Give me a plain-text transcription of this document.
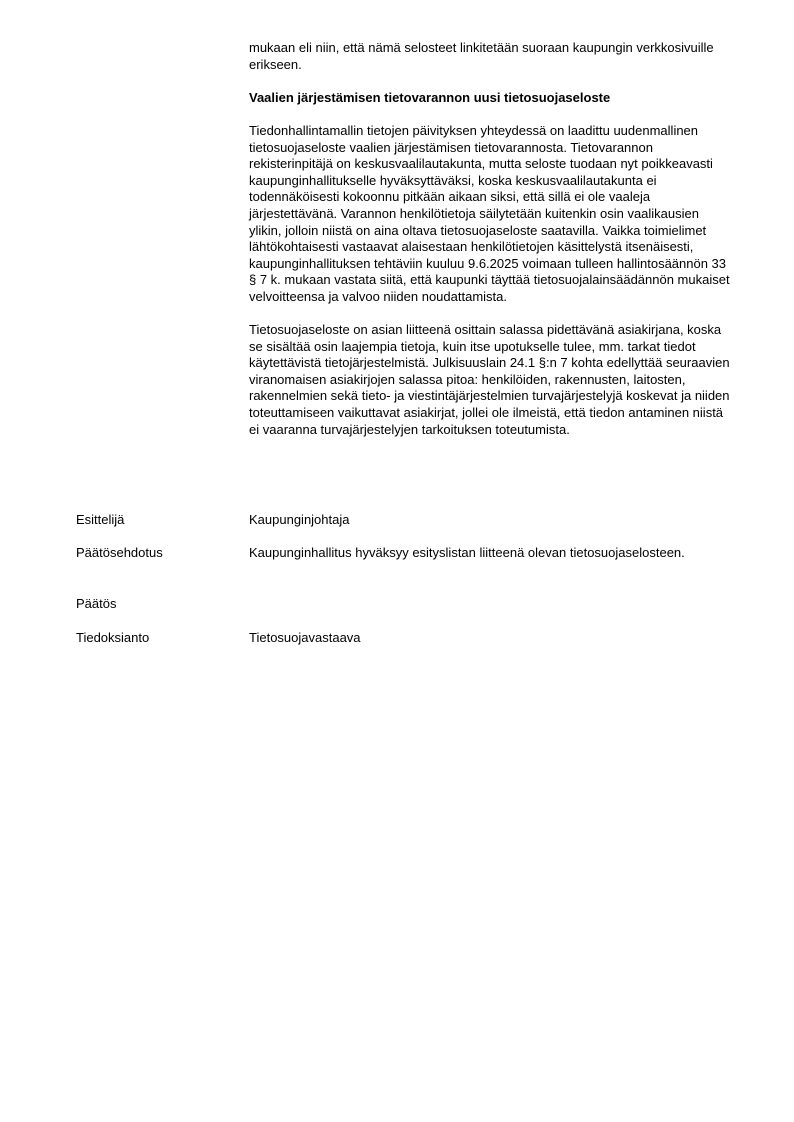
mukaan eli niin, että nämä selosteet linkitetään suoraan kaupungin verkkosivuille erikseen.

Vaalien järjestämisen tietovarannon uusi tietosuojaseloste

Tiedonhallintamallin tietojen päivityksen yhteydessä on laadittu uudenmallinen tietosuojaseloste vaalien järjestämisen tietovarannosta. Tietovarannon rekisterinpitäjä on keskusvaalilautakunta, mutta seloste tuodaan nyt poikkeavasti kaupunginhallitukselle hyväksyttäväksi, koska keskusvaalilautakunta ei todennäköisesti kokoonnu pitkään aikaan siksi, että sillä ei ole vaaleja järjestettävänä. Varannon henkilötietoja säilytetään kuitenkin osin vaalikausien ylikin, jolloin niistä on aina oltava tietosuojaseloste saatavilla. Vaikka toimielimet lähtökohtaisesti vastaavat alaisestaan henkilötietojen käsittelystä itsenäisesti, kaupunginhallituksen tehtäviin kuuluu 9.6.2025 voimaan tulleen hallintosäännön 33 § 7 k. mukaan vastata siitä, että kaupunki täyttää tietosuojalainsäädännön mukaiset velvoitteensa ja valvoo niiden noudattamista.

Tietosuojaseloste on asian liitteenä osittain salassa pidettävänä asiakirjana, koska se sisältää osin laajempia tietoja, kuin itse upotukselle tulee, mm. tarkat tiedot käytettävistä tietojärjestelmistä. Julkisuuslain 24.1 §:n 7 kohta edellyttää seuraavien viranomaisen asiakirjojen salassa pitoa: henkilöiden, rakennusten, laitosten, rakennelmien sekä tieto- ja viestintäjärjestelmien turvajärjestelyjä koskevat ja niiden toteuttamiseen vaikuttavat asiakirjat, jollei ole ilmeistä, että tiedon antaminen niistä ei vaaranna turvajärjestelyjen tarkoituksen toteutumista.

Esittelijä	Kaupunginjohtaja
Päätösehdotus	Kaupunginhallitus hyväksyy esityslistan liitteenä olevan tietosuojaselosteen.
Päätös
Tiedoksianto	Tietosuojavastaava
